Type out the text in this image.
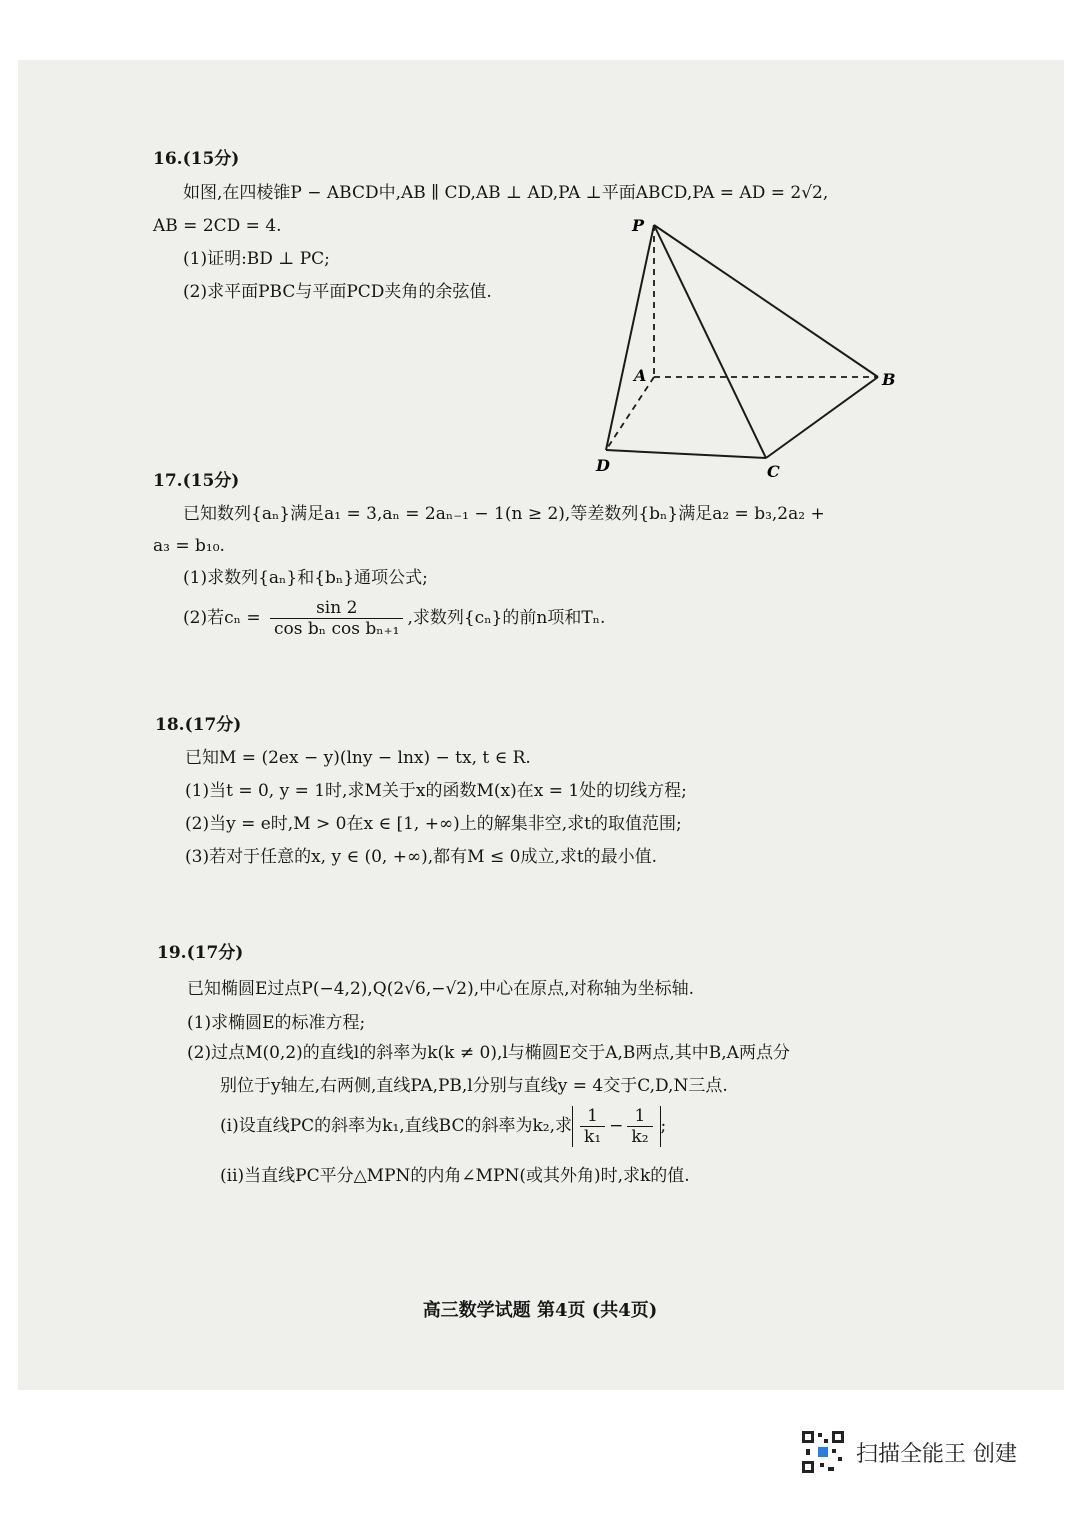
16.(15分)
如图,在四棱锥P − ABCD中,AB ∥ CD,AB ⊥ AD,PA ⊥平面ABCD,PA = AD = 2√2,
AB = 2CD = 4.
(1)证明:BD ⊥ PC;
(2)求平面PBC与平面PCD夹角的余弦值.
P
A	B
C
D
17.(15分)
已知数列{aₙ}满足a₁ = 3,aₙ = 2aₙ₋₁ − 1(n ≥ 2),等差数列{bₙ}满足a₂ = b₃,2a₂ +
a₃ = b₁₀.
(1)求数列{aₙ}和{bₙ}通项公式;
(2)若$c_n = \frac{\sin 2}{\text{cos bₙ cos bₙ₊₁}}$ ,求数列{cₙ}的前n项和Tₙ.
18.(17分)
已知M = (2ex − y)(lny − lnx) − tx, t ∈ R.
(1)当t = 0, y = 1时,求M关于x的函数M(x)在x = 1处的切线方程;
(2)当y = e时,M > 0在x ∈ [1, +∞)上的解集非空,求t的取值范围;
(3)若对于任意的x, y ∈ (0, +∞),都有M ≤ 0成立,求t的最小值.
19.(17分)
已知椭圆E过点P(−4,2),Q(2√6,−√2),中心在原点,对称轴为坐标轴.
(1)求椭圆E的标准方程;
(2)过点M(0,2)的直线l的斜率为k(k ≠ 0),l与椭圆E交于A,B两点,其中B,A两点分
别位于y轴左,右两侧,直线PA,PB,l分别与直线y = 4交于C,D,N三点.
(i)设直线PC的斜率为k₁,直线BC的斜率为k₂,求 $\frac{1}{\text{k₁}} - \frac{1}{\text{k₂}}$ ;
(ii)当直线PC平分△MPN的内角∠MPN(或其外角)时,求k的值.
高三数学试题 第4页 (共4页)
扫描全能王 创建
